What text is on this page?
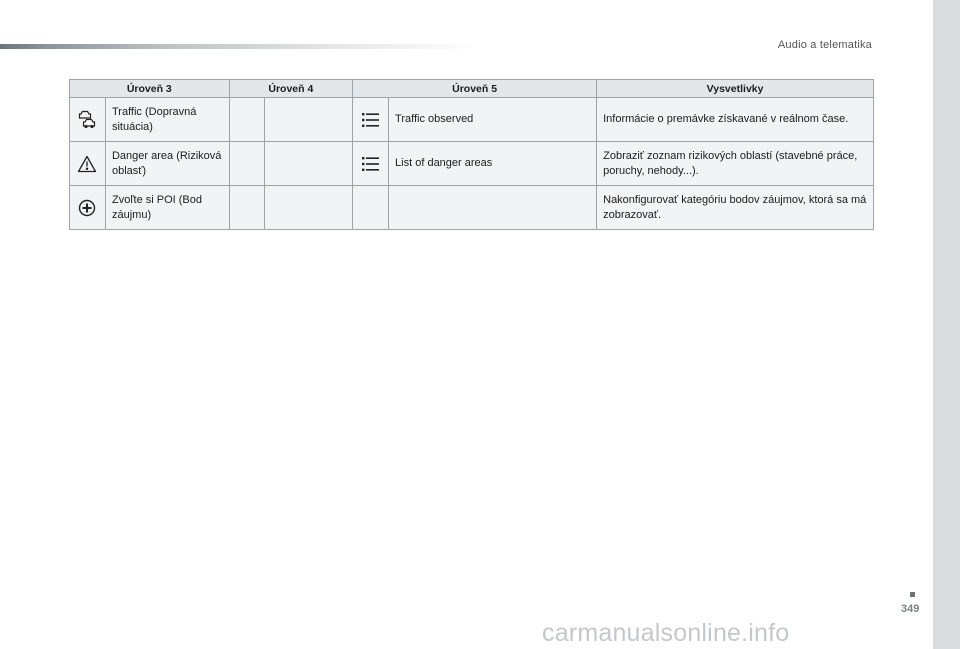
Audio a telematika
Úroveň 3		Úroveň 4		Úroveň 5		Vysvetlivky

	Traffic (Dopravná situácia)				Traffic observed	Informácie o premávke získavané v reálnom čase.

	Danger area (Riziková oblasť)				List of danger areas	Zobraziť zoznam rizikových oblastí (stavebné práce, poruchy, nehody...).

	Zvoľte si POI (Bod záujmu)					Nakonfigurovať kategóriu bodov záujmov, ktorá sa má zobrazovať.
349
carmanualsonline.info
